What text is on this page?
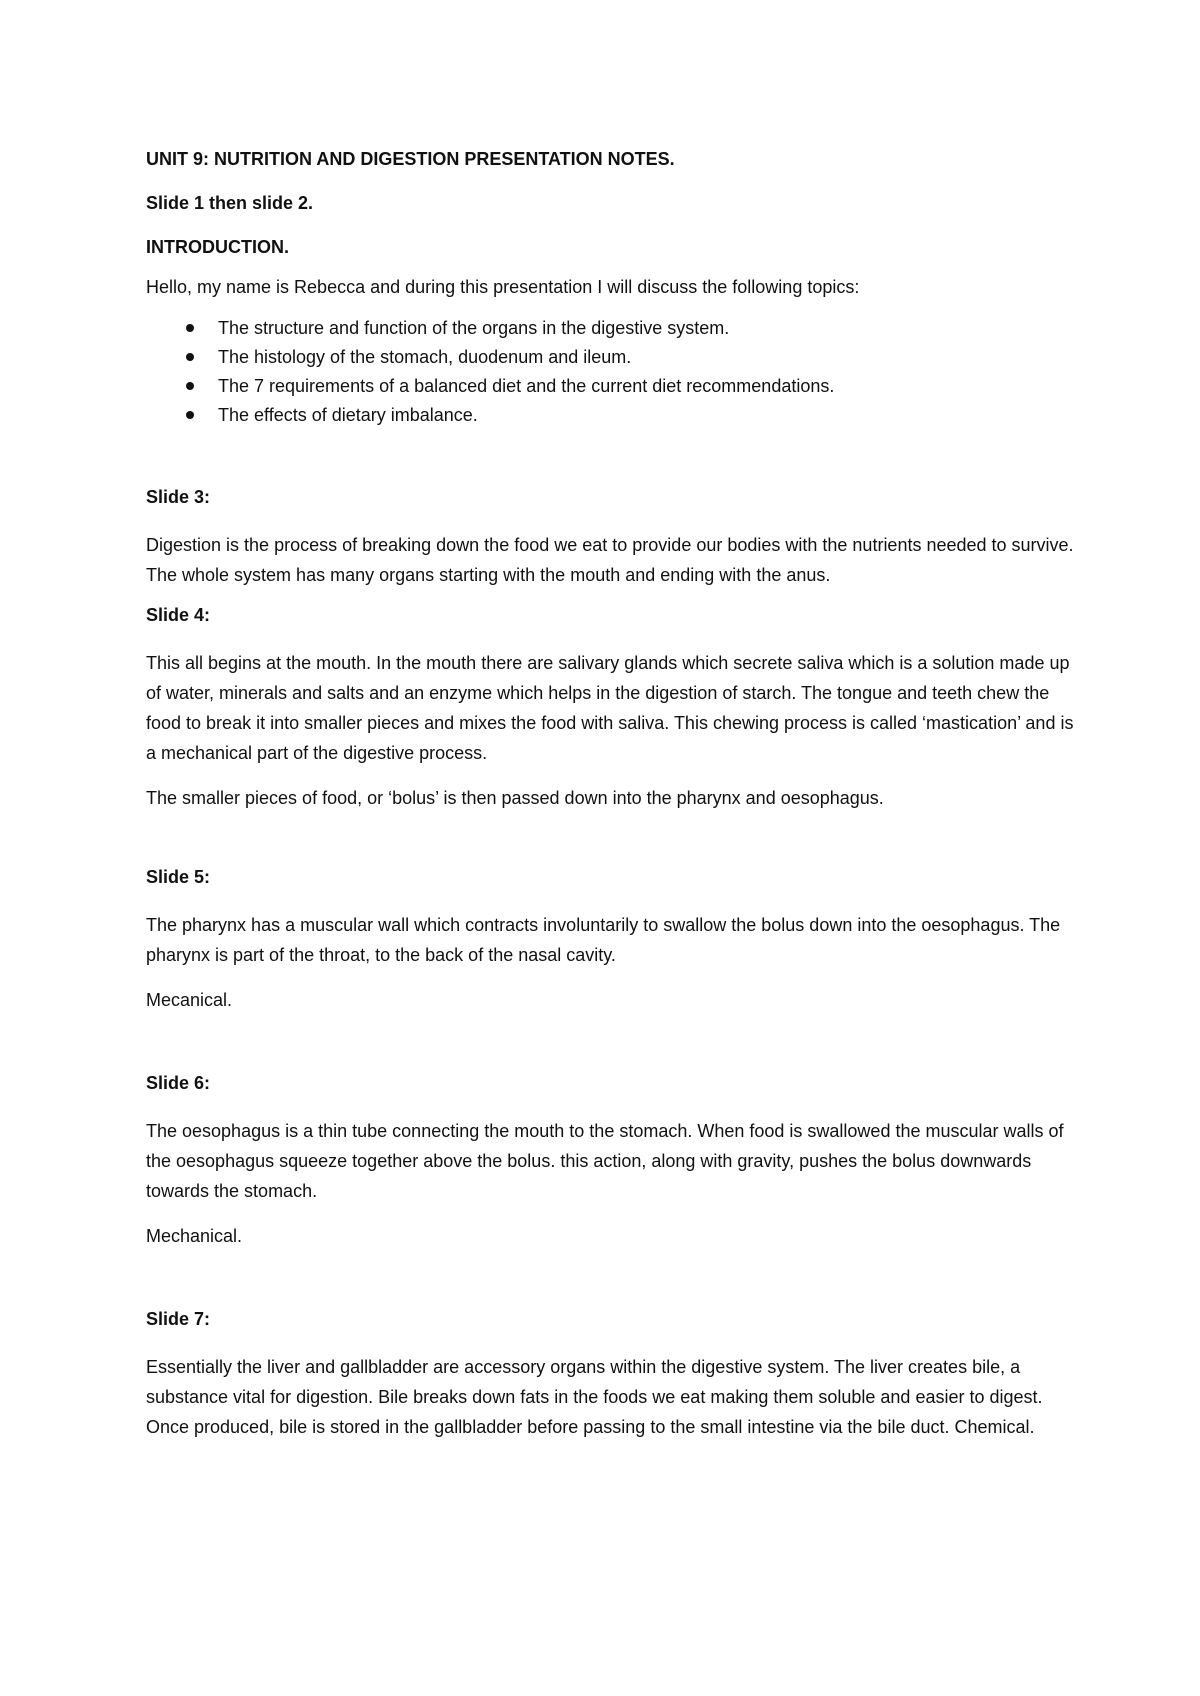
UNIT 9: NUTRITION AND DIGESTION PRESENTATION NOTES.

Slide 1 then slide 2.

INTRODUCTION.

Hello, my name is Rebecca and during this presentation I will discuss the following topics:

The structure and function of the organs in the digestive system.
The histology of the stomach, duodenum and ileum.
The 7 requirements of a balanced diet and the current diet recommendations.
The effects of dietary imbalance.

Slide 3:

Digestion is the process of breaking down the food we eat to provide our bodies with the nutrients needed to survive. The whole system has many organs starting with the mouth and ending with the anus.

Slide 4:

This all begins at the mouth. In the mouth there are salivary glands which secrete saliva which is a solution made up of water, minerals and salts and an enzyme which helps in the digestion of starch. The tongue and teeth chew the food to break it into smaller pieces and mixes the food with saliva. This chewing process is called ‘mastication’ and is a mechanical part of the digestive process.

The smaller pieces of food, or ‘bolus’ is then passed down into the pharynx and oesophagus.

Slide 5:

The pharynx has a muscular wall which contracts involuntarily to swallow the bolus down into the oesophagus. The pharynx is part of the throat, to the back of the nasal cavity.

Mecanical.

Slide 6:

The oesophagus is a thin tube connecting the mouth to the stomach. When food is swallowed the muscular walls of the oesophagus squeeze together above the bolus. this action, along with gravity, pushes the bolus downwards towards the stomach.

Mechanical.

Slide 7:

Essentially the liver and gallbladder are accessory organs within the digestive system. The liver creates bile, a substance vital for digestion. Bile breaks down fats in the foods we eat making them soluble and easier to digest. Once produced, bile is stored in the gallbladder before passing to the small intestine via the bile duct. Chemical.
